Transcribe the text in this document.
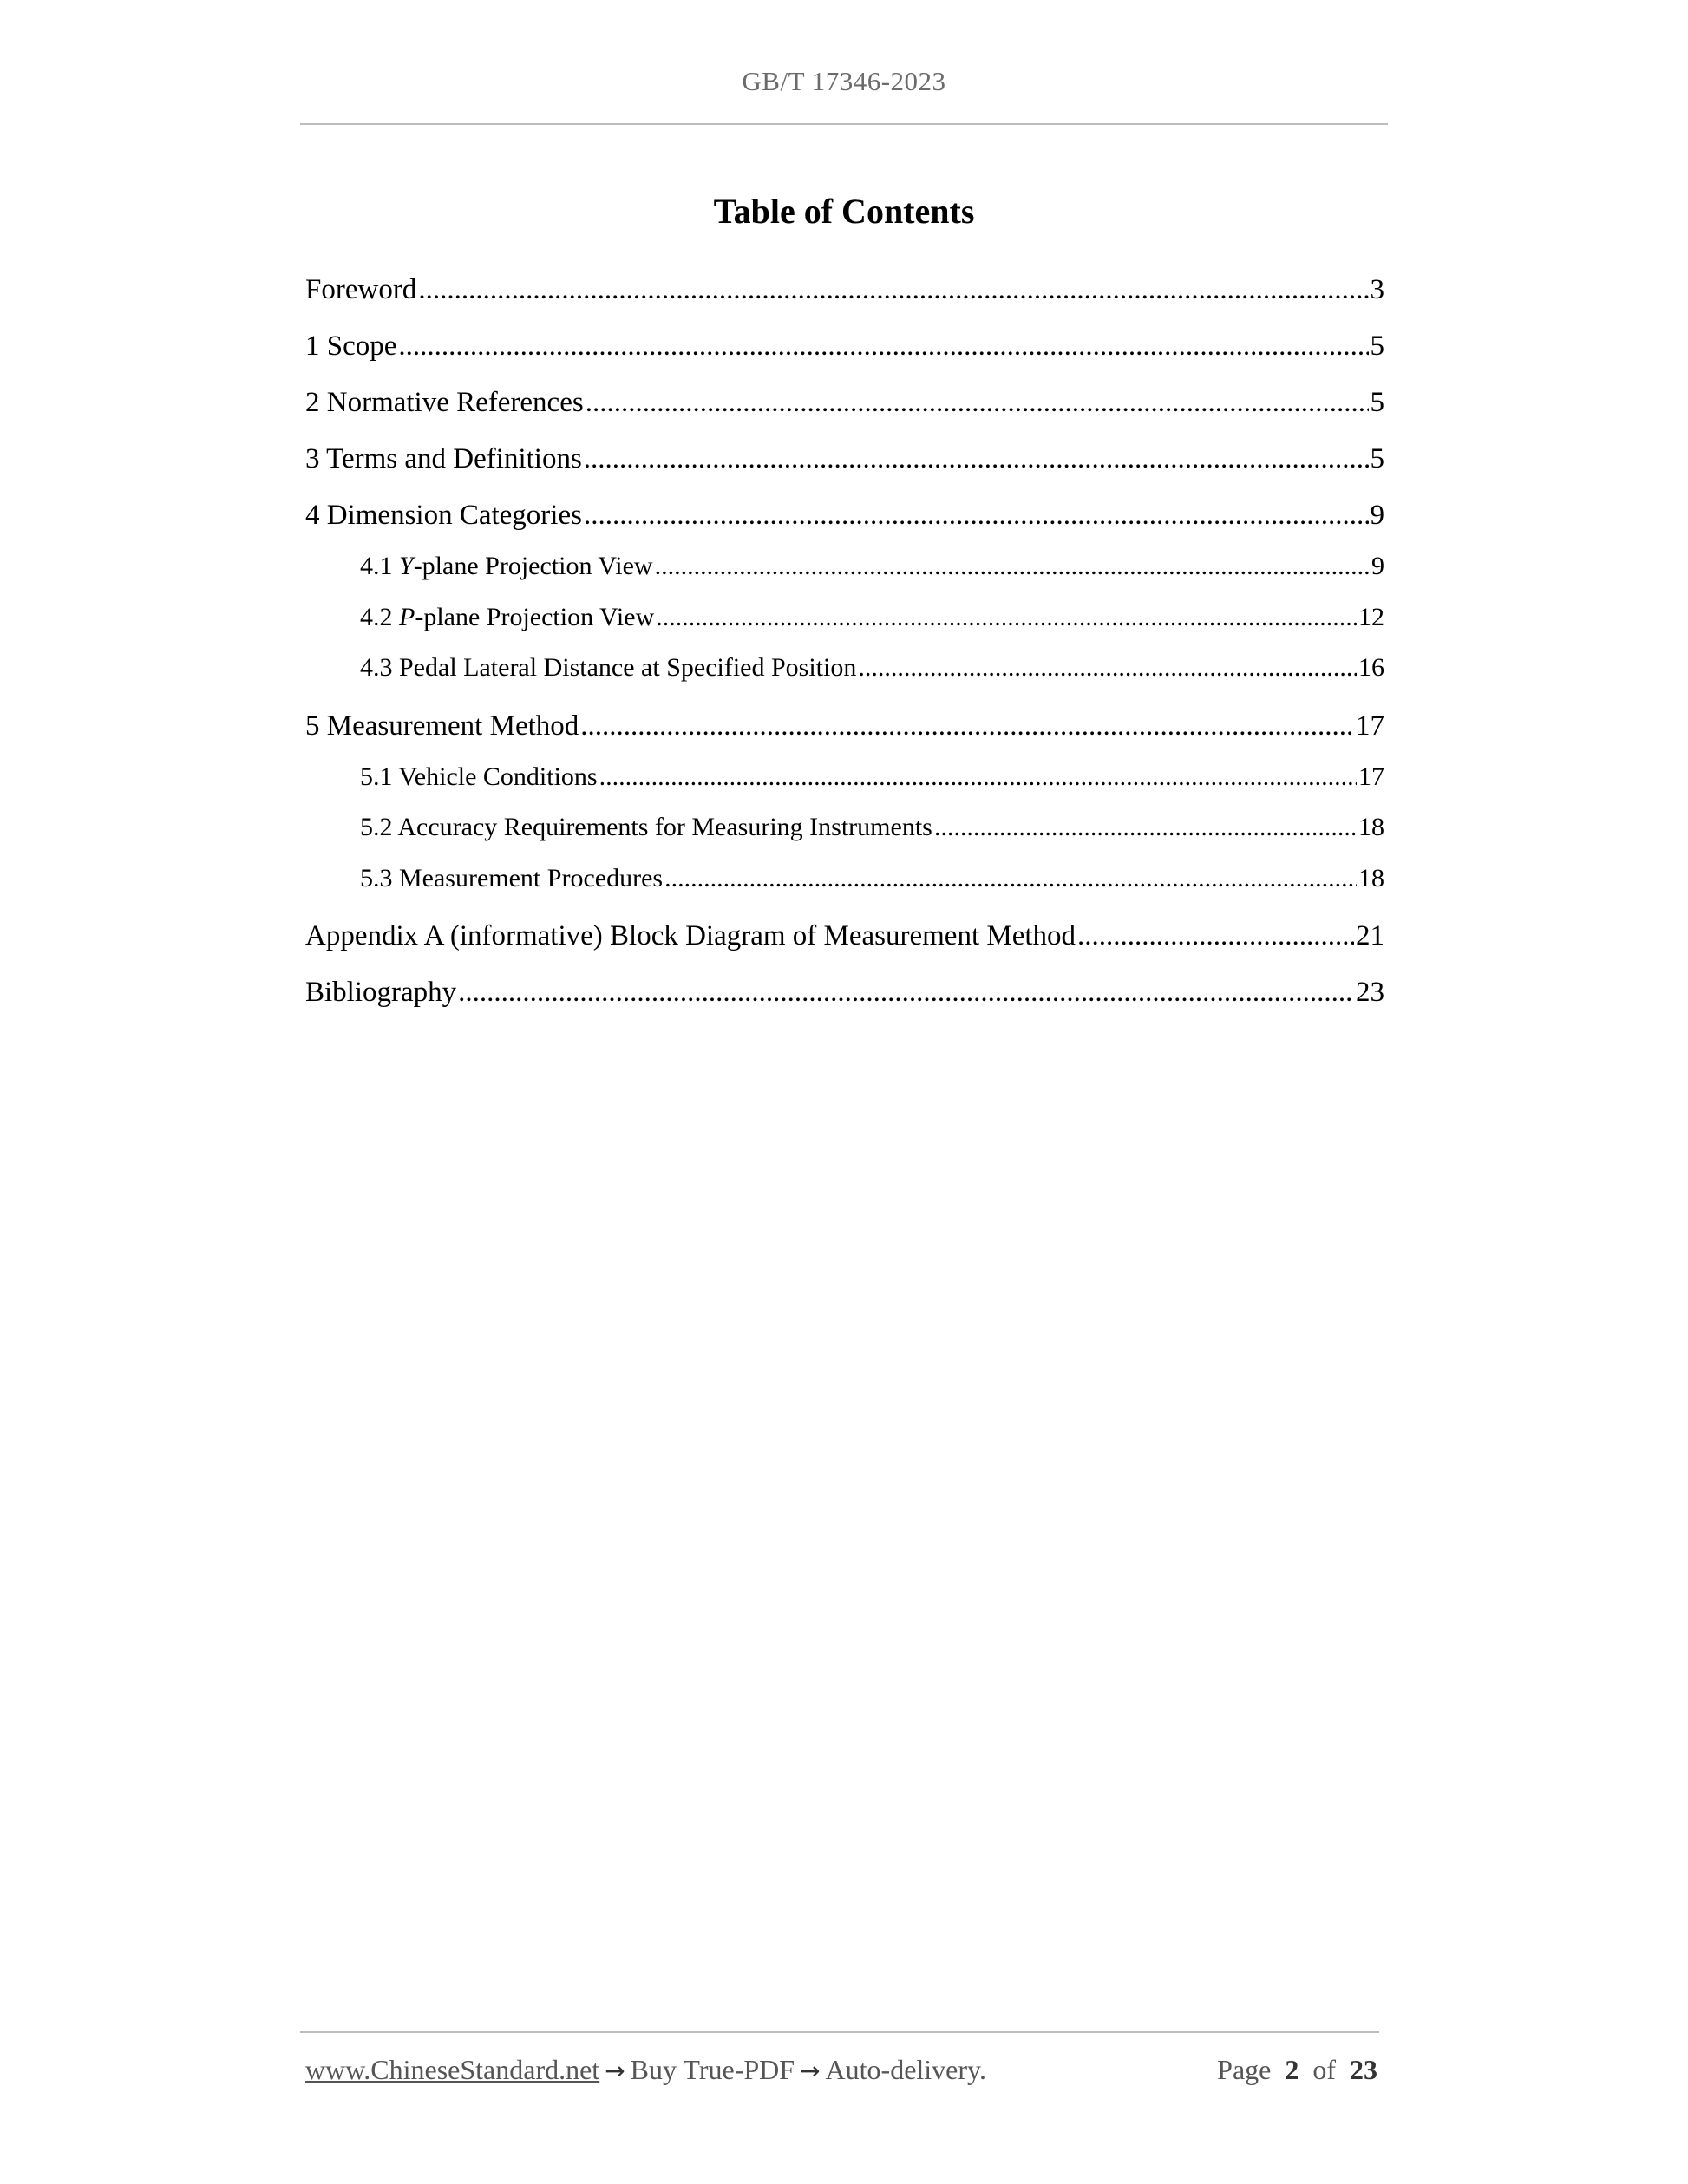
GB/T 17346-2023
Table of Contents
Foreword .....	3
1 Scope .....	5
2 Normative References .....	5
3 Terms and Definitions .....	5
4 Dimension Categories .....	9
4.1 Y-plane Projection View .....	9
4.2 P-plane Projection View .....	12
4.3 Pedal Lateral Distance at Specified Position .....	16
5 Measurement Method .....	17
5.1 Vehicle Conditions .....	17
5.2 Accuracy Requirements for Measuring Instruments .....	18
5.3 Measurement Procedures .....	18
Appendix A (informative) Block Diagram of Measurement Method .....	21
Bibliography .....	23
www.ChineseStandard.net → Buy True-PDF → Auto-delivery.	Page 2 of 23
